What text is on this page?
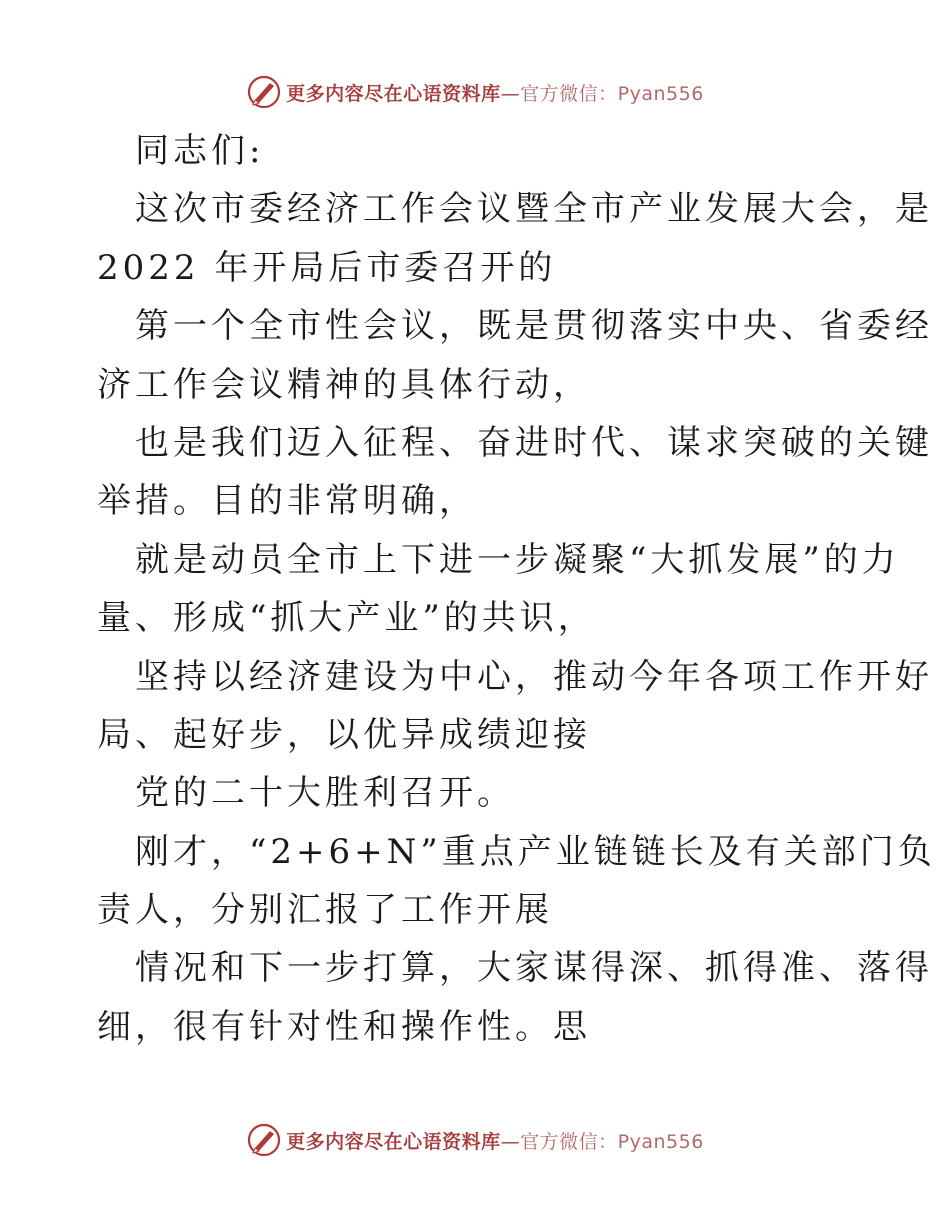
更多内容尽在心语资料库—官方微信：Pyan556
同志们:
这次市委经济工作会议暨全市产业发展大会，是
2022 年开局后市委召开的
第一个全市性会议，既是贯彻落实中央、省委经
济工作会议精神的具体行动，
也是我们迈入征程、奋进时代、谋求突破的关键
举措。目的非常明确，
就是动员全市上下进一步凝聚“大抓发展”的力
量、形成“抓大产业”的共识，
坚持以经济建设为中心，推动今年各项工作开好
局、起好步，以优异成绩迎接
党的二十大胜利召开。
刚才，“2+6+N”重点产业链链长及有关部门负
责人，分别汇报了工作开展
情况和下一步打算，大家谋得深、抓得准、落得
细，很有针对性和操作性。思
更多内容尽在心语资料库—官方微信：Pyan556
